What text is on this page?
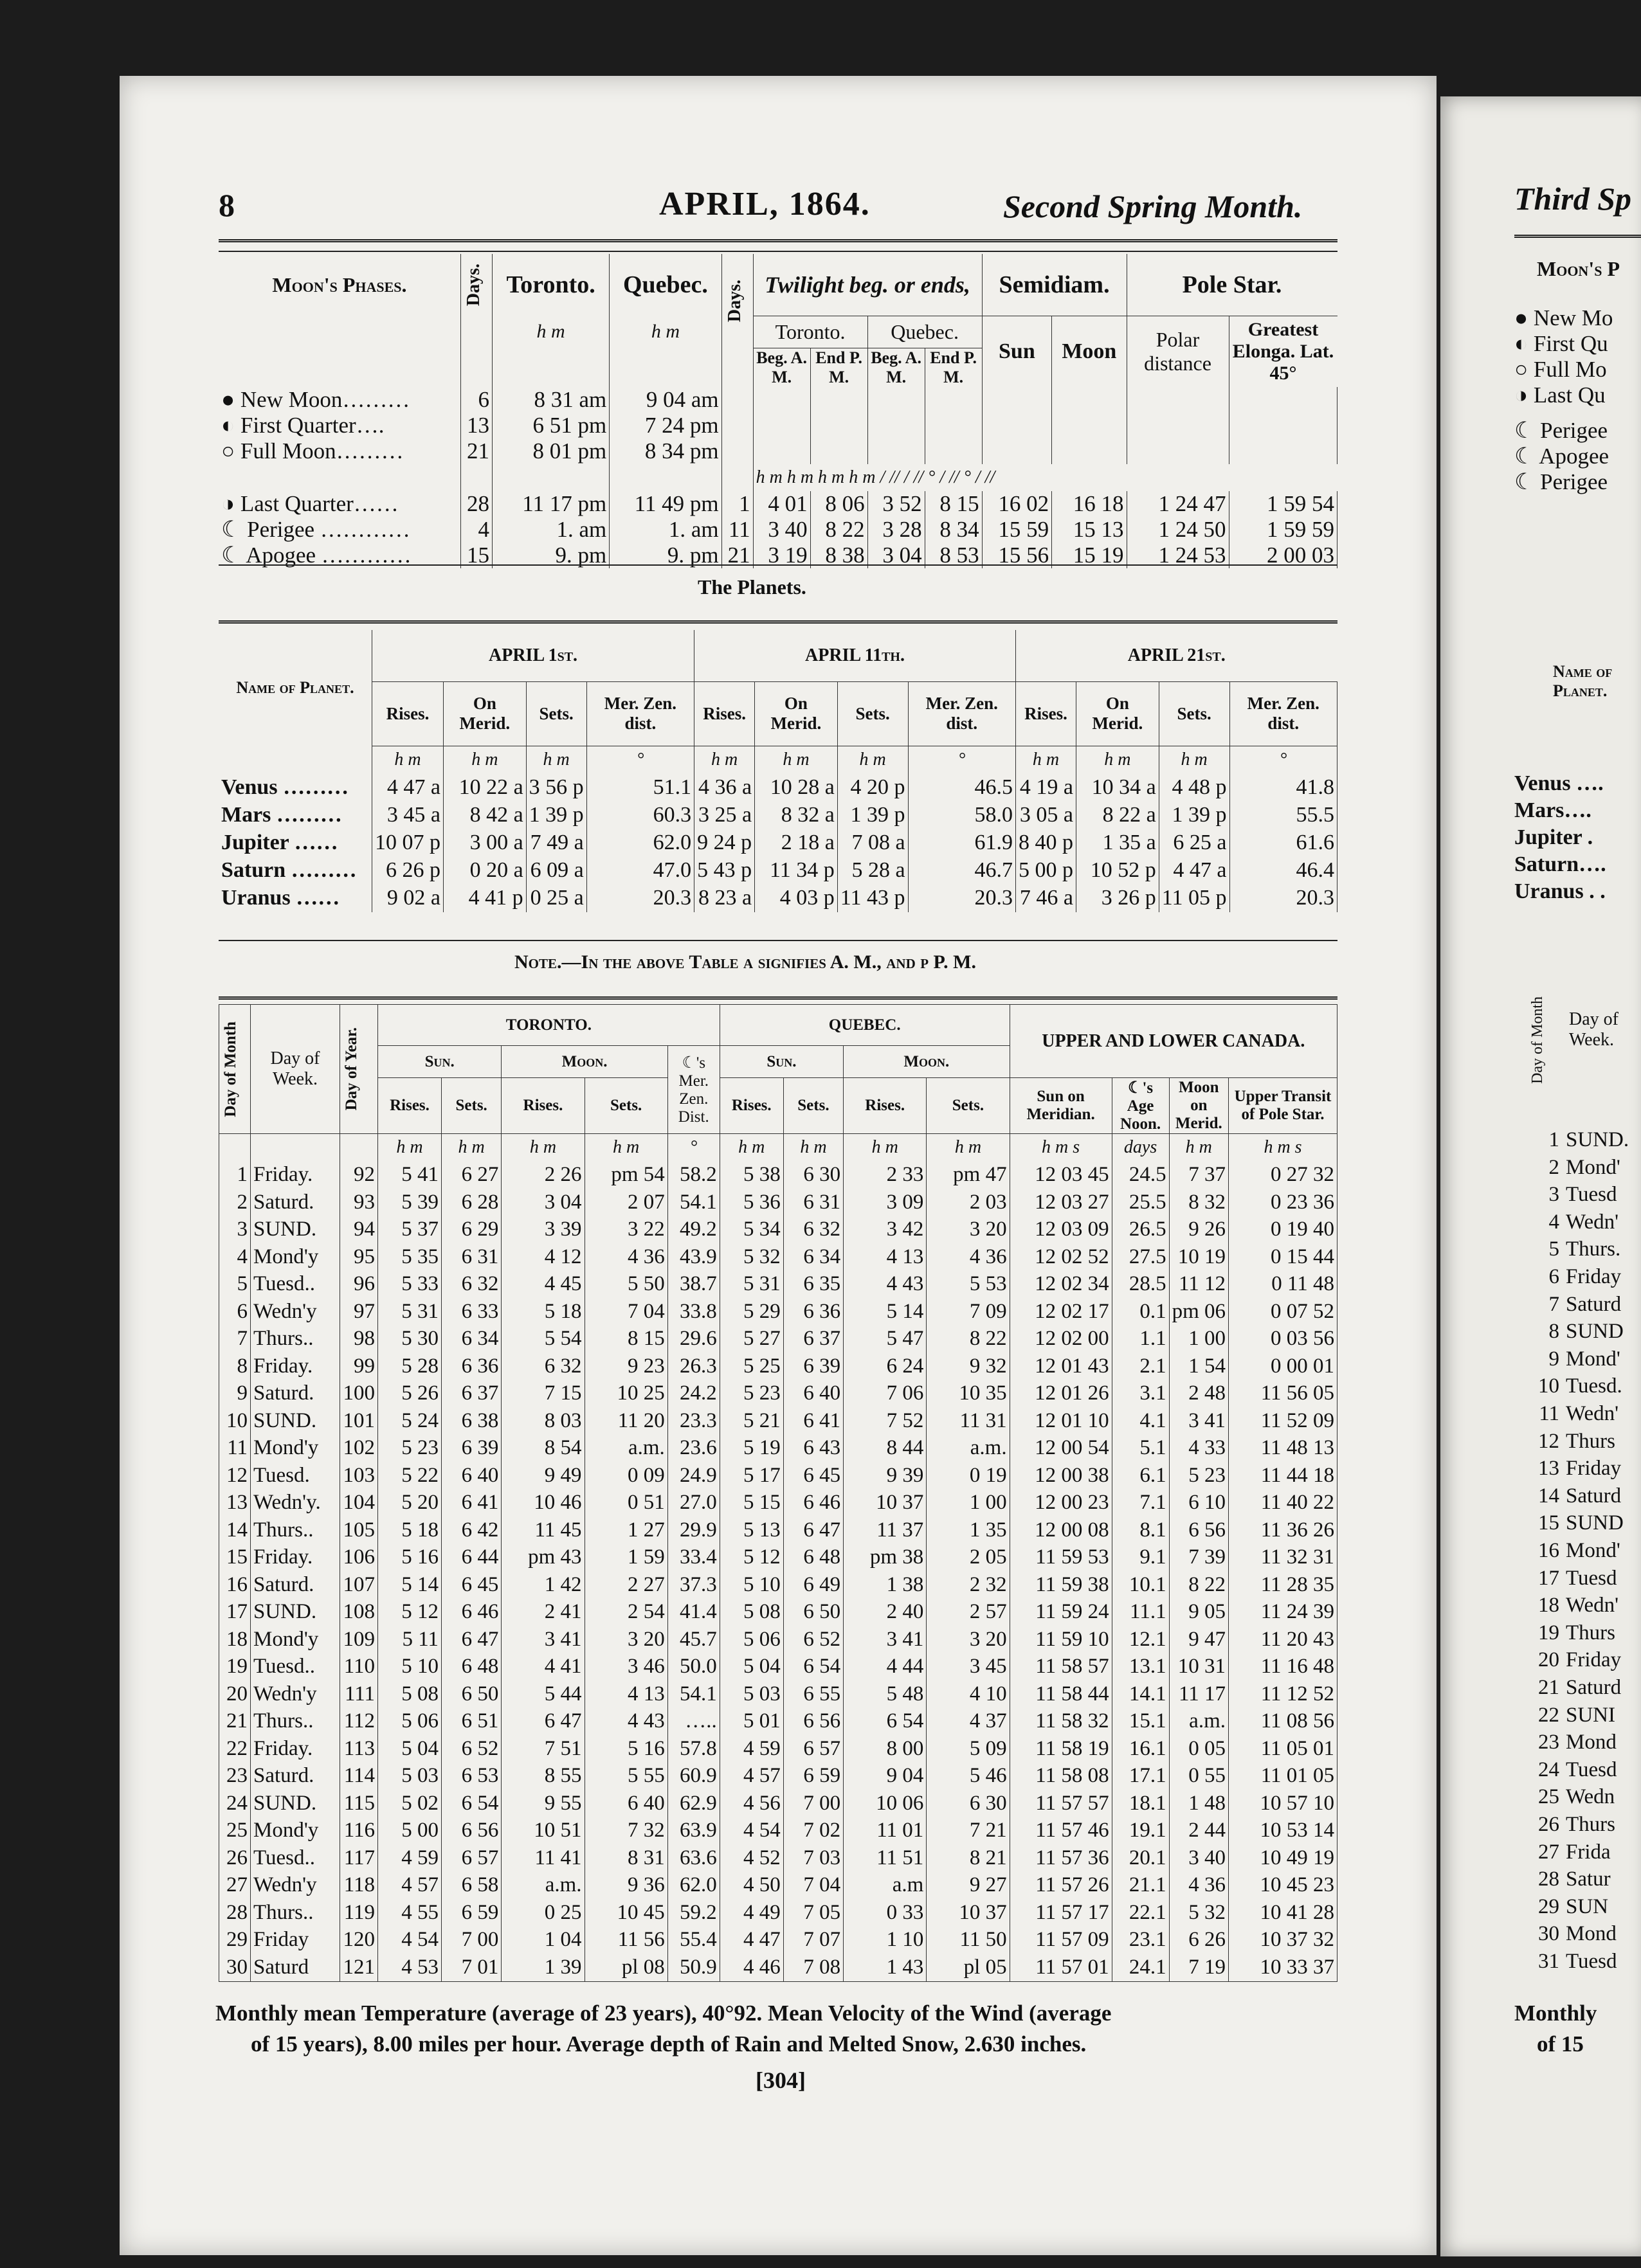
8	APRIL, 1864.	Second Spring Month.
Moon's Phases.	Days.	Toronto.	Quebec.	Days.	Twilight beg. or ends,				Semidiam.		Pole Star.	
		h m	h m		Toronto.		Quebec.		Sun	Moon	Polar distance	Greatest Elonga. Lat. 45°
					Beg. A. M.	End P. M.	Beg. A. M.	End P. M.				
● New Moon………	6	8 31 am	9 04 am									
◐ First Quarter….	13	6 51 pm	7 24 pm									
○ Full Moon………	21	8 01 pm	8 34 pm									
					h m h m h m h m / // / // ° / // ° / //							
◑ Last Quarter……	28	11 17 pm	11 49 pm	1	4 01	8 06	3 52	8 15	16 02	16 18	1 24 47	1 59 54
☾ Perigee …………	4	1. am	1. am	11	3 40	8 22	3 28	8 34	15 59	15 13	1 24 50	1 59 59
☾ Apogee …………	15	9. pm	9. pm	21	3 19	8 38	3 04	8 53	15 56	15 19	1 24 53	2 00 03
The Planets.
Name of Planet.	APRIL 1st.				APRIL 11th.				APRIL 21st.			
	Rises.	On Merid.	Sets.	Mer. Zen. dist.	Rises.	On Merid.	Sets.	Mer. Zen. dist.	Rises.	On Merid.	Sets.	Mer. Zen. dist.
	h m	h m	h m	°	h m	h m	h m	°	h m	h m	h m	°
Venus ………	4 47 a	10 22 a	3 56 p	51.1	4 36 a	10 28 a	4 20 p	46.5	4 19 a	10 34 a	4 48 p	41.8
Mars ………	3 45 a	8 42 a	1 39 p	60.3	3 25 a	8 32 a	1 39 p	58.0	3 05 a	8 22 a	1 39 p	55.5
Jupiter ……	10 07 p	3 00 a	7 49 a	62.0	9 24 p	2 18 a	7 08 a	61.9	8 40 p	1 35 a	6 25 a	61.6
Saturn ………	6 26 p	0 20 a	6 09 a	47.0	5 43 p	11 34 p	5 28 a	46.7	5 00 p	10 52 p	4 47 a	46.4
Uranus ……	9 02 a	4 41 p	0 25 a	20.3	8 23 a	4 03 p	11 43 p	20.3	7 46 a	3 26 p	11 05 p	20.3
Note.—In the above Table a signifies A. M., and p P. M.
Day of Month	Day of Week.	Day of Year.	TORONTO.					QUEBEC.				UPPER AND LOWER CANADA.			
			Sun.		Moon.		☾'s Mer. Zen. Dist.	Sun.		Moon.					
			Rises.	Sets.	Rises.	Sets.		Rises.	Sets.	Rises.	Sets.	Sun on Meridian.	☾'s Age Noon.	Moon on Merid.	Upper Transit of Pole Star.
			h m	h m	h m	h m	°	h m	h m	h m	h m	h m s	days	h m	h m s
1	Friday.	92	5 41	6 27	2 26	pm 54	58.2	5 38	6 30	2 33	pm 47	12 03 45	24.5	7 37	0 27 32
2	Saturd.	93	5 39	6 28	3 04	2 07	54.1	5 36	6 31	3 09	2 03	12 03 27	25.5	8 32	0 23 36
3	SUND.	94	5 37	6 29	3 39	3 22	49.2	5 34	6 32	3 42	3 20	12 03 09	26.5	9 26	0 19 40
4	Mond'y	95	5 35	6 31	4 12	4 36	43.9	5 32	6 34	4 13	4 36	12 02 52	27.5	10 19	0 15 44
5	Tuesd..	96	5 33	6 32	4 45	5 50	38.7	5 31	6 35	4 43	5 53	12 02 34	28.5	11 12	0 11 48
6	Wedn'y	97	5 31	6 33	5 18	7 04	33.8	5 29	6 36	5 14	7 09	12 02 17	0.1	pm 06	0 07 52
7	Thurs..	98	5 30	6 34	5 54	8 15	29.6	5 27	6 37	5 47	8 22	12 02 00	1.1	1 00	0 03 56
8	Friday.	99	5 28	6 36	6 32	9 23	26.3	5 25	6 39	6 24	9 32	12 01 43	2.1	1 54	0 00 01
9	Saturd.	100	5 26	6 37	7 15	10 25	24.2	5 23	6 40	7 06	10 35	12 01 26	3.1	2 48	11 56 05
10	SUND.	101	5 24	6 38	8 03	11 20	23.3	5 21	6 41	7 52	11 31	12 01 10	4.1	3 41	11 52 09
11	Mond'y	102	5 23	6 39	8 54	a.m.	23.6	5 19	6 43	8 44	a.m.	12 00 54	5.1	4 33	11 48 13
12	Tuesd.	103	5 22	6 40	9 49	0 09	24.9	5 17	6 45	9 39	0 19	12 00 38	6.1	5 23	11 44 18
13	Wedn'y.	104	5 20	6 41	10 46	0 51	27.0	5 15	6 46	10 37	1 00	12 00 23	7.1	6 10	11 40 22
14	Thurs..	105	5 18	6 42	11 45	1 27	29.9	5 13	6 47	11 37	1 35	12 00 08	8.1	6 56	11 36 26
15	Friday.	106	5 16	6 44	pm 43	1 59	33.4	5 12	6 48	pm 38	2 05	11 59 53	9.1	7 39	11 32 31
16	Saturd.	107	5 14	6 45	1 42	2 27	37.3	5 10	6 49	1 38	2 32	11 59 38	10.1	8 22	11 28 35
17	SUND.	108	5 12	6 46	2 41	2 54	41.4	5 08	6 50	2 40	2 57	11 59 24	11.1	9 05	11 24 39
18	Mond'y	109	5 11	6 47	3 41	3 20	45.7	5 06	6 52	3 41	3 20	11 59 10	12.1	9 47	11 20 43
19	Tuesd..	110	5 10	6 48	4 41	3 46	50.0	5 04	6 54	4 44	3 45	11 58 57	13.1	10 31	11 16 48
20	Wedn'y	111	5 08	6 50	5 44	4 13	54.1	5 03	6 55	5 48	4 10	11 58 44	14.1	11 17	11 12 52
21	Thurs..	112	5 06	6 51	6 47	4 43	…..	5 01	6 56	6 54	4 37	11 58 32	15.1	a.m.	11 08 56
22	Friday.	113	5 04	6 52	7 51	5 16	57.8	4 59	6 57	8 00	5 09	11 58 19	16.1	0 05	11 05 01
23	Saturd.	114	5 03	6 53	8 55	5 55	60.9	4 57	6 59	9 04	5 46	11 58 08	17.1	0 55	11 01 05
24	SUND.	115	5 02	6 54	9 55	6 40	62.9	4 56	7 00	10 06	6 30	11 57 57	18.1	1 48	10 57 10
25	Mond'y	116	5 00	6 56	10 51	7 32	63.9	4 54	7 02	11 01	7 21	11 57 46	19.1	2 44	10 53 14
26	Tuesd..	117	4 59	6 57	11 41	8 31	63.6	4 52	7 03	11 51	8 21	11 57 36	20.1	3 40	10 49 19
27	Wedn'y	118	4 57	6 58	a.m.	9 36	62.0	4 50	7 04	a.m	9 27	11 57 26	21.1	4 36	10 45 23
28	Thurs..	119	4 55	6 59	0 25	10 45	59.2	4 49	7 05	0 33	10 37	11 57 17	22.1	5 32	10 41 28
29	Friday	120	4 54	7 00	1 04	11 56	55.4	4 47	7 07	1 10	11 50	11 57 09	23.1	6 26	10 37 32
30	Saturd	121	4 53	7 01	1 39	pl 08	50.9	4 46	7 08	1 43	pl 05	11 57 01	24.1	7 19	10 33 37
Monthly mean Temperature (average of 23 years), 40°92. Mean Velocity of the Wind (average
of 15 years), 8.00 miles per hour. Average depth of Rain and Melted Snow, 2.630 inches.
[304]
Third Sp
Moon's P
● New Mo
◐ First Qu
○ Full Mo
◑ Last Qu
☾ Perigee
☾ Apogee
☾ Perigee
Name of Planet.
Venus ….
Mars….
Jupiter .
Saturn….
Uranus . .
Day of Month Day of Week.
1 SUND.
2 Mond'
3 Tuesd
4 Wedn'
5 Thurs.
6 Friday
7 Saturd
8 SUND
9 Mond'
10 Tuesd.
11 Wedn'
12 Thurs
13 Friday
14 Saturd
15 SUND
16 Mond'
17 Tuesd
18 Wedn'
19 Thurs
20 Friday
21 Saturd
22 SUNI
23 Mond
24 Tuesd
25 Wedn
26 Thurs
27 Frida
28 Satur
29 SUN
30 Mond
31 Tuesd
Monthly
of 15
